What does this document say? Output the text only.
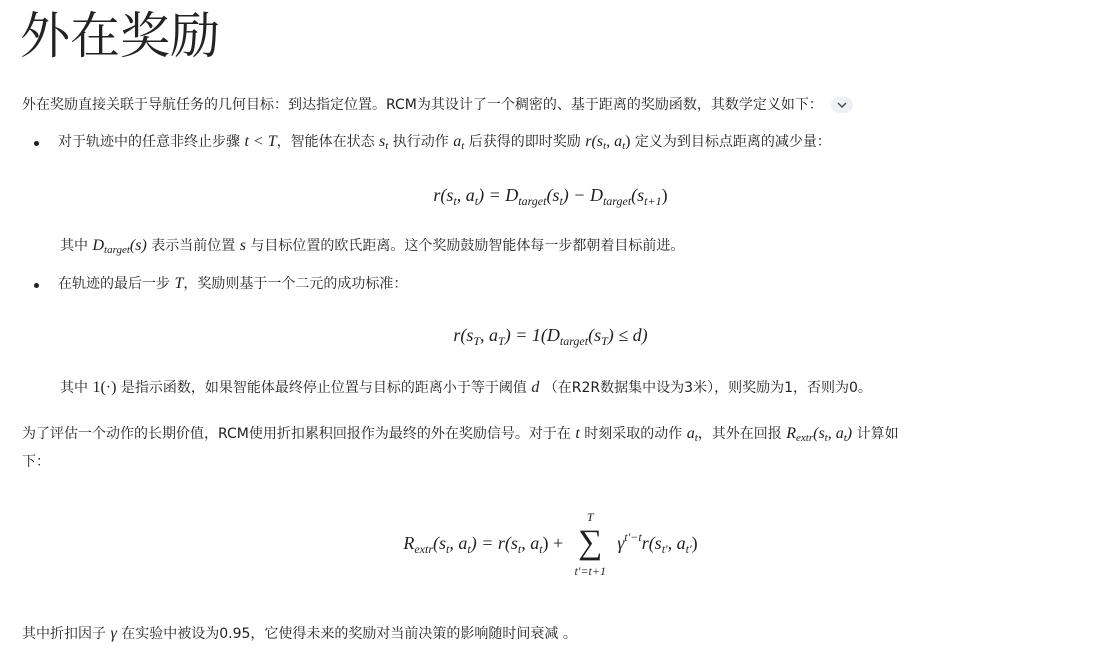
外在奖励

外在奖励直接关联于导航任务的几何目标：到达指定位置。RCM为其设计了一个稠密的、基于距离的奖励函数，其数学定义如下：

对于轨迹中的任意非终止步骤 t < T，智能体在状态 $s_t$ 执行动作 $a_t$ 后获得的即时奖励 $r(s_t$, $a_t$) 定义为到目标点距离的减少量：

$r(s_t$, $a_t) = D_{target}(s_t) - D_{target}(s_{t+1})$

其中 $D_{target}(s)$ 表示当前位置 s 与目标位置的欧氏距离。这个奖励鼓励智能体每一步都朝着目标前进。

在轨迹的最后一步 T，奖励则基于一个二元的成功标准：

$r(s_T$, $a_T) = 1(D_{target}(s_T) \le d)$

其中 1(·) 是指示函数，如果智能体最终停止位置与目标的距离小于等于阈值 d （在R2R数据集中设为3米），则奖励为1，否则为0。

为了评估一个动作的长期价值，RCM使用折扣累积回报作为最终的外在奖励信号。对于在 t 时刻采取的动作 $a_t$，其外在回报 $R_{extr}(s_t$, $a_t$) 计算如

下：

$R_{extr}(s_t$, $a_t) = r(s_t$, $a_t$) +
T
∑
t′=t+1
$\gamma^{t'-t}r(s_{t'}$, $a_{t'}$)

其中折扣因子 γ 在实验中被设为0.95，它使得未来的奖励对当前决策的影响随时间衰减 。
